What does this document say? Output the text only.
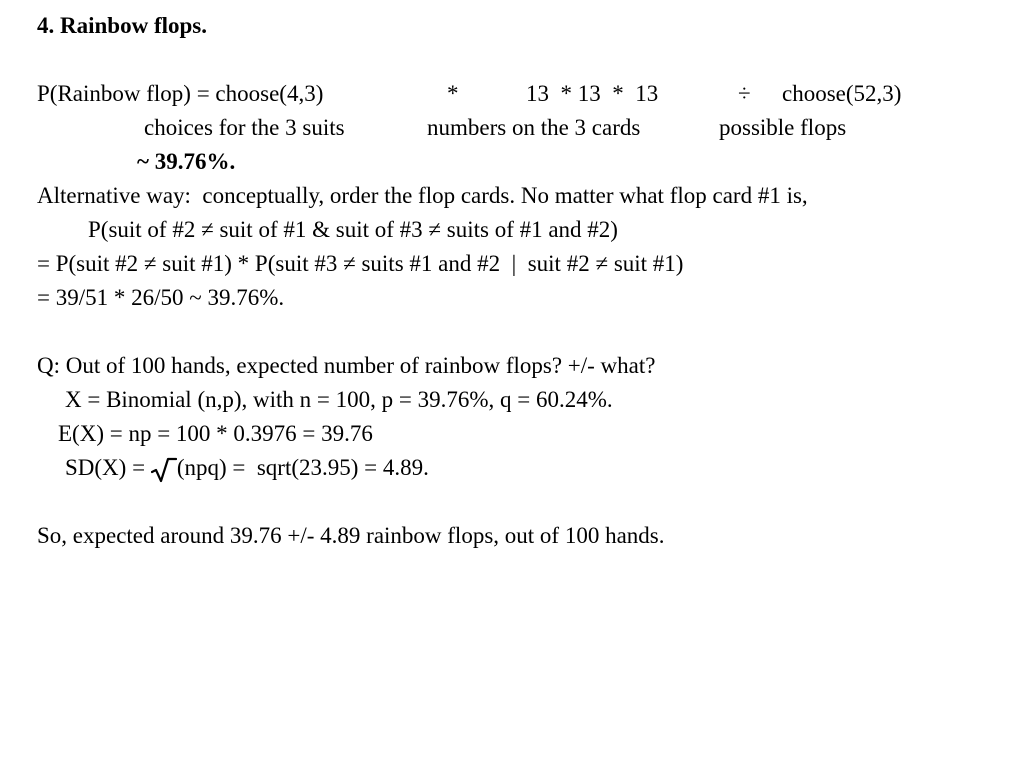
4. Rainbow flops.
P(Rainbow flop) = choose(4,3)	*	13  * 13  *  13	÷ choose(52,3)
choices for the 3 suits	numbers on the 3 cards	possible flops
~ 39.76%.
Alternative way:  conceptually, order the flop cards. No matter what flop card #1 is,
P(suit of #2 ≠ suit of #1 & suit of #3 ≠ suits of #1 and #2)
= P(suit #2 ≠ suit #1) * P(suit #3 ≠ suits #1 and #2  |  suit #2 ≠ suit #1)
= 39/51 * 26/50 ~ 39.76%.
Q: Out of 100 hands, expected number of rainbow flops? +/- what?
X = Binomial (n,p), with n = 100, p = 39.76%, q = 60.24%.
E(X) = np = 100 * 0.3976 = 39.76
SD(X) = (npq) =  sqrt(23.95) = 4.89.
So, expected around 39.76 +/- 4.89 rainbow flops, out of 100 hands.
